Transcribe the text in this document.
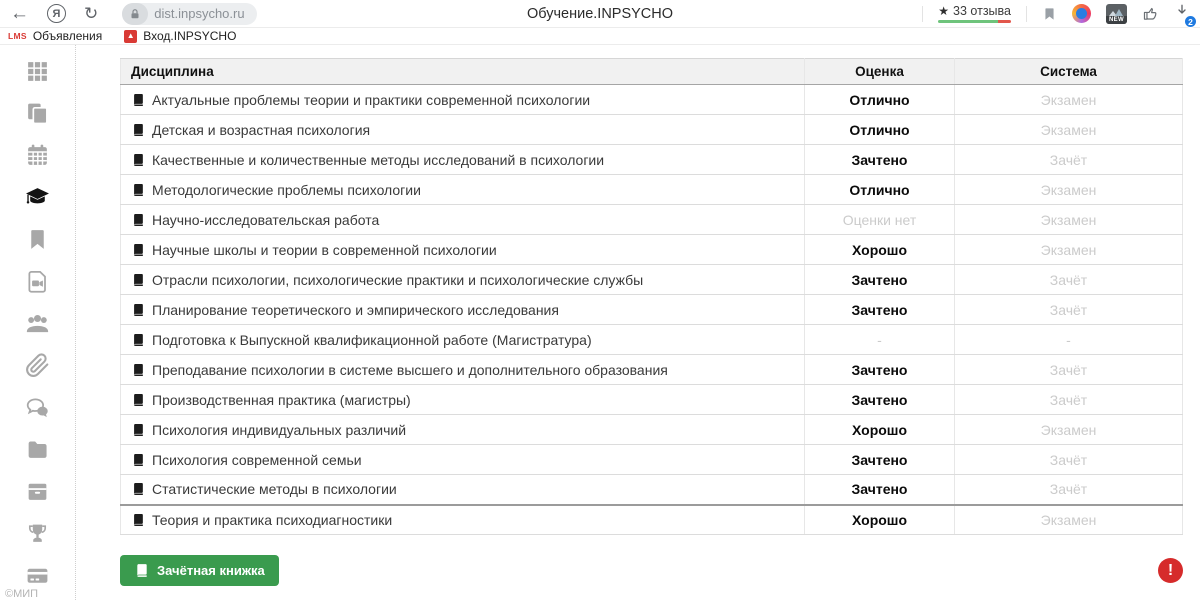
Обучение.INPSYCHO
←	Я	↻	dist.inpsycho.ru	★ 33 отзыва
NEW	2
LMS Объявления	▲ Вход.INPSYCHO
©МИП
Дисциплина	Оценка	Система

Актуальные проблемы теории и практики современной психологии	Отлично	Экзамен

Детская и возрастная психология	Отлично	Экзамен

Качественные и количественные методы исследований в психологии	Зачтено	Зачёт

Методологические проблемы психологии	Отлично	Экзамен

Научно-исследовательская работа	Оценки нет	Экзамен

Научные школы и теории в современной психологии	Хорошо	Экзамен

Отрасли психологии, психологические практики и психологические службы	Зачтено	Зачёт

Планирование теоретического и эмпирического исследования	Зачтено	Зачёт

Подготовка к Выпускной квалификационной работе (Магистратура)	-	-

Преподавание психологии в системе высшего и дополнительного образования	Зачтено	Зачёт

Производственная практика (магистры)	Зачтено	Зачёт

Психология индивидуальных различий	Хорошо	Экзамен

Психология современной семьи	Зачтено	Зачёт

Статистические методы в психологии	Зачтено	Зачёт

Теория и практика психодиагностики	Хорошо	Экзамен
Зачётная книжка	!
